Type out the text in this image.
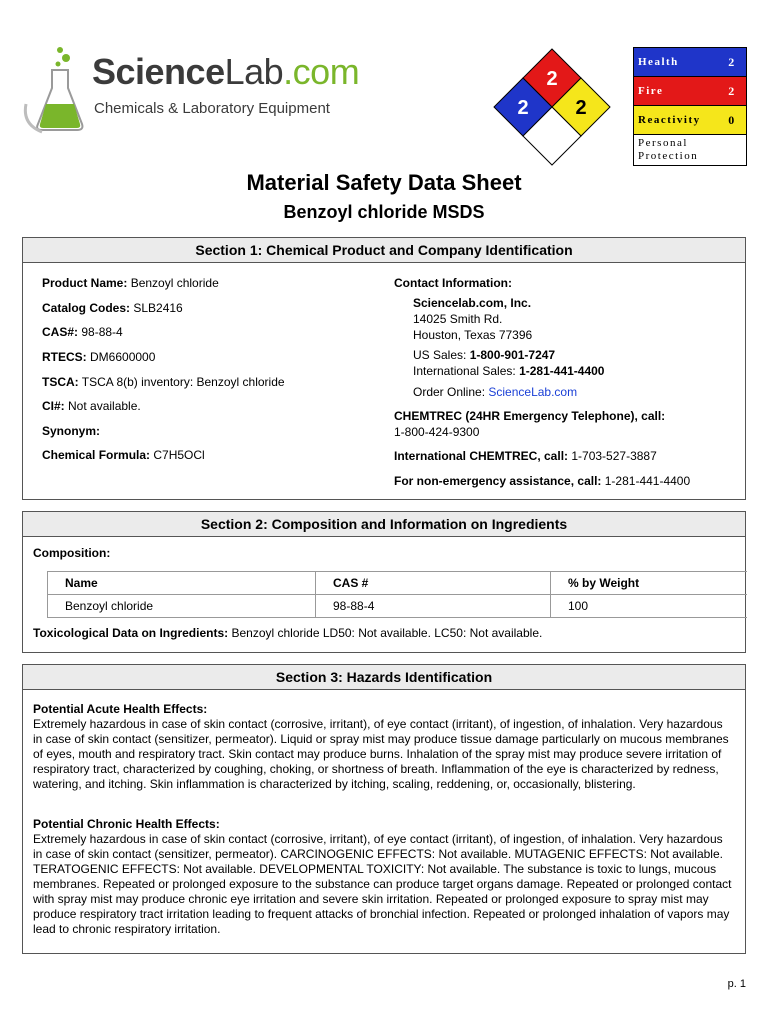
ScienceLab.com
Chemicals & Laboratory Equipment
2
2 2
Health	2
Fire	2
Reactivity	0
Personal
Protection
Material Safety Data Sheet
Benzoyl chloride MSDS
Section 1: Chemical Product and Company Identification
Product Name: Benzoyl chloride
Catalog Codes: SLB2416
CAS#: 98-88-4
RTECS: DM6600000
TSCA: TSCA 8(b) inventory: Benzoyl chloride
CI#: Not available.
Synonym:
Chemical Formula: C7H5OCl
Contact Information:
Sciencelab.com, Inc.
14025 Smith Rd.
Houston, Texas 77396
US Sales: 1-800-901-7247
International Sales: 1-281-441-4400
Order Online: ScienceLab.com
CHEMTREC (24HR Emergency Telephone), call:
1-800-424-9300
International CHEMTREC, call: 1-703-527-3887
For non-emergency assistance, call: 1-281-441-4400
Section 2: Composition and Information on Ingredients
Composition:
Name	CAS #	% by Weight
Benzoyl chloride	98-88-4	100
Toxicological Data on Ingredients: Benzoyl chloride LD50: Not available. LC50: Not available.
Section 3: Hazards Identification
Potential Acute Health Effects:
Extremely hazardous in case of skin contact (corrosive, irritant), of eye contact (irritant), of ingestion, of inhalation. Very hazardous in case of skin contact (sensitizer, permeator). Liquid or spray mist may produce tissue damage particularly on mucous membranes of eyes, mouth and respiratory tract. Skin contact may produce burns. Inhalation of the spray mist may produce severe irritation of respiratory tract, characterized by coughing, choking, or shortness of breath. Inflammation of the eye is characterized by redness, watering, and itching. Skin inflammation is characterized by itching, scaling, reddening, or, occasionally, blistering.
Potential Chronic Health Effects:
Extremely hazardous in case of skin contact (corrosive, irritant), of eye contact (irritant), of ingestion, of inhalation. Very hazardous in case of skin contact (sensitizer, permeator). CARCINOGENIC EFFECTS: Not available. MUTAGENIC EFFECTS: Not available. TERATOGENIC EFFECTS: Not available. DEVELOPMENTAL TOXICITY: Not available. The substance is toxic to lungs, mucous membranes. Repeated or prolonged exposure to the substance can produce target organs damage. Repeated or prolonged contact with spray mist may produce chronic eye irritation and severe skin irritation. Repeated or prolonged exposure to spray mist may produce respiratory tract irritation leading to frequent attacks of bronchial infection. Repeated or prolonged inhalation of vapors may lead to chronic respiratory irritation.
p. 1
